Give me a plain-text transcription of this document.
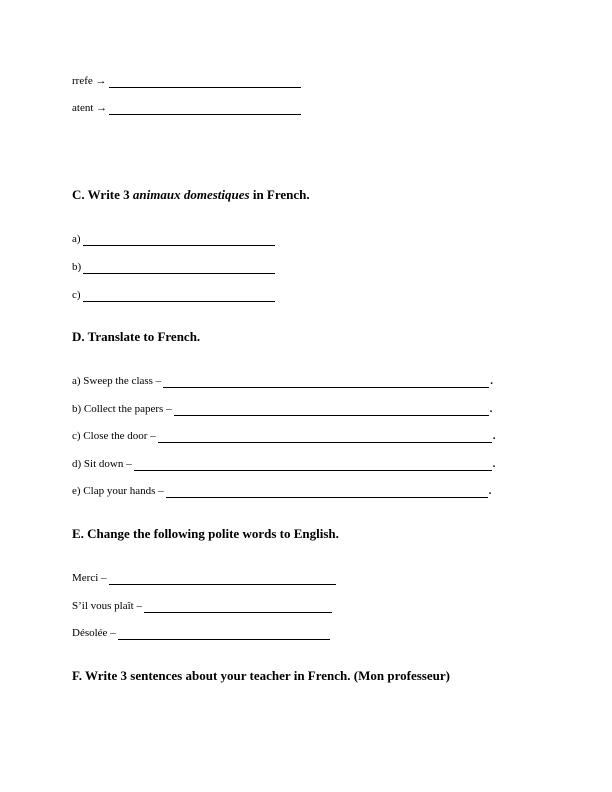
rrefe →
atent →
C. Write 3 animaux domestiques in French.
a)
b)
c)
D. Translate to French.
a) Sweep the class –	.
b) Collect the papers –	.
c) Close the door –	.
d) Sit down –	.
e) Clap your hands –	.
E. Change the following polite words to English.
Merci –
S’il vous plaît –
Désolée –
F. Write 3 sentences about your teacher in French. (Mon professeur)
